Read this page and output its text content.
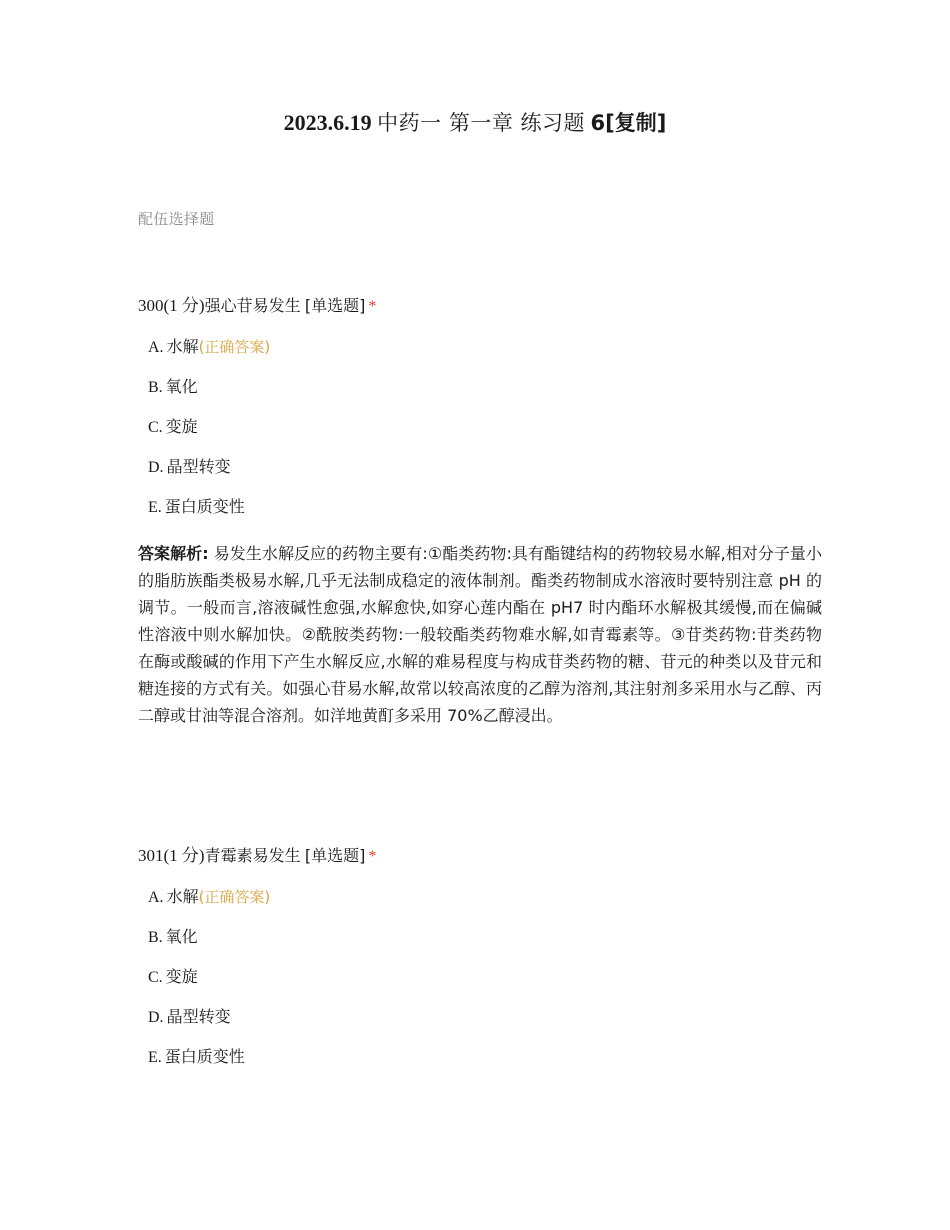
2023.6.19 中药一 第一章 练习题 6[复制]
配伍选择题
300(1 分)强心苷易发生 [单选题] *
A. 水解(正确答案)
B. 氧化
C. 变旋
D. 晶型转变
E. 蛋白质变性
答案解析: 易发生水解反应的药物主要有:①酯类药物:具有酯键结构的药物较易水解,相对分子量小的脂肪族酯类极易水解,几乎无法制成稳定的液体制剂。酯类药物制成水溶液时要特别注意 pH 的调节。一般而言,溶液碱性愈强,水解愈快,如穿心莲内酯在 pH7 时内酯环水解极其缓慢,而在偏碱性溶液中则水解加快。②酰胺类药物:一般较酯类药物难水解,如青霉素等。③苷类药物:苷类药物在酶或酸碱的作用下产生水解反应,水解的难易程度与构成苷类药物的糖、苷元的种类以及苷元和糖连接的方式有关。如强心苷易水解,故常以较高浓度的乙醇为溶剂,其注射剂多采用水与乙醇、丙二醇或甘油等混合溶剂。如洋地黄酊多采用 70%乙醇浸出。
301(1 分)青霉素易发生 [单选题] *
A. 水解(正确答案)
B. 氧化
C. 变旋
D. 晶型转变
E. 蛋白质变性
